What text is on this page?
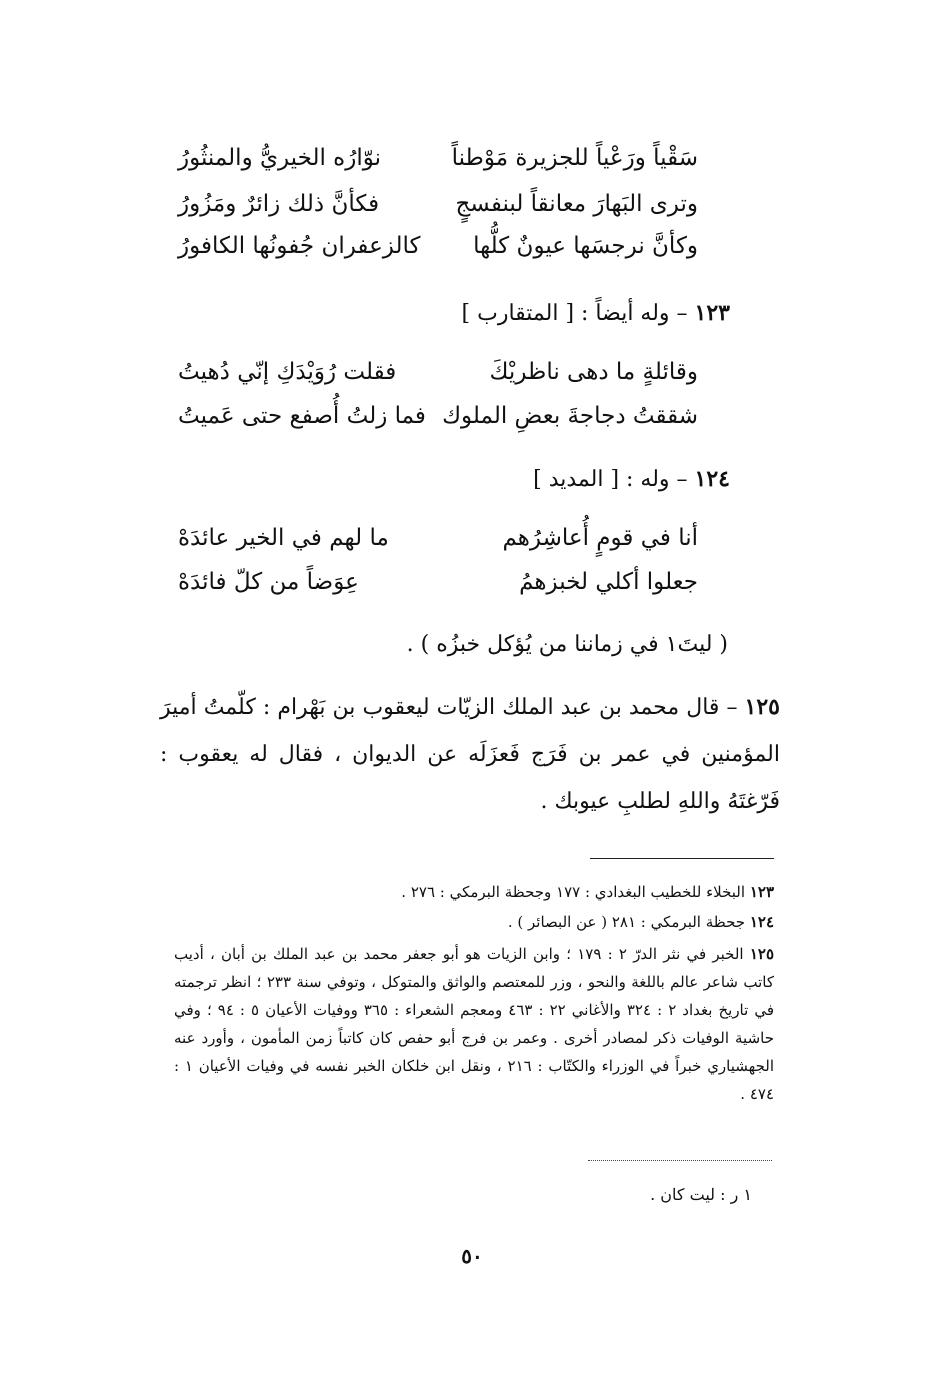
سَقْياً ورَعْياً للجزيرة مَوْطناً
نوّارُه الخيريُّ والمنثُورُ
وترى البَهارَ معانقاً لبنفسجٍ
فكأنَّ ذلك زائرٌ ومَزُورُ
وكأنَّ نرجسَها عيونٌ كلُّها
كالزعفران جُفونُها الكافورُ
١٢٣ – وله أيضاً : [ المتقارب ]
وقائلةٍ ما دهى ناظريْكَ
فقلت رُوَيْدَكِ إنّي دُهيتُ
شققتُ دجاجةَ بعضِ الملوك
فما زلتُ أُصفع حتى عَميتُ
١٢٤ – وله : [ المديد ]
أنا في قومٍ أُعاشِرُهم
ما لهم في الخير عائدَهْ
جعلوا أكلي لخبزهمُ
عِوَضاً من كلّ فائدَهْ
( ليتَ١ في زماننا من يُؤكل خبزُه ) .
١٢٥ – قال محمد بن عبد الملك الزيّات ليعقوب بن بَهْرام : كلّمتُ أميرَ المؤمنين في عمر بن فَرَج فَعزَلَه عن الديوان ، فقال له يعقوب : فَرّغتَهُ واللهِ لطلبِ عيوبك .
١٢٣ البخلاء للخطيب البغدادي : ١٧٧ وجحظة البرمكي : ٢٧٦ .
١٢٤ جحظة البرمكي : ٢٨١ ( عن البصائر ) .
١٢٥ الخبر في نثر الدرّ ٢ : ١٧٩ ؛ وابن الزيات هو أبو جعفر محمد بن عبد الملك بن أبان ، أديب كاتب شاعر عالم باللغة والنحو ، وزر للمعتصم والواثق والمتوكل ، وتوفي سنة ٢٣٣ ؛ انظر ترجمته في تاريخ بغداد ٢ : ٣٢٤ والأغاني ٢٢ : ٤٦٣ ومعجم الشعراء : ٣٦٥ ووفيات الأعيان ٥ : ٩٤ ؛ وفي حاشية الوفيات ذكر لمصادر أخرى . وعمر بن فرج أبو حفص كان كاتباً زمن المأمون ، وأورد عنه الجهشياري خبراً في الوزراء والكتّاب : ٢١٦ ، ونقل ابن خلكان الخبر نفسه في وفيات الأعيان ١ : ٤٧٤ .
١ ر : ليت كان .
٥٠
